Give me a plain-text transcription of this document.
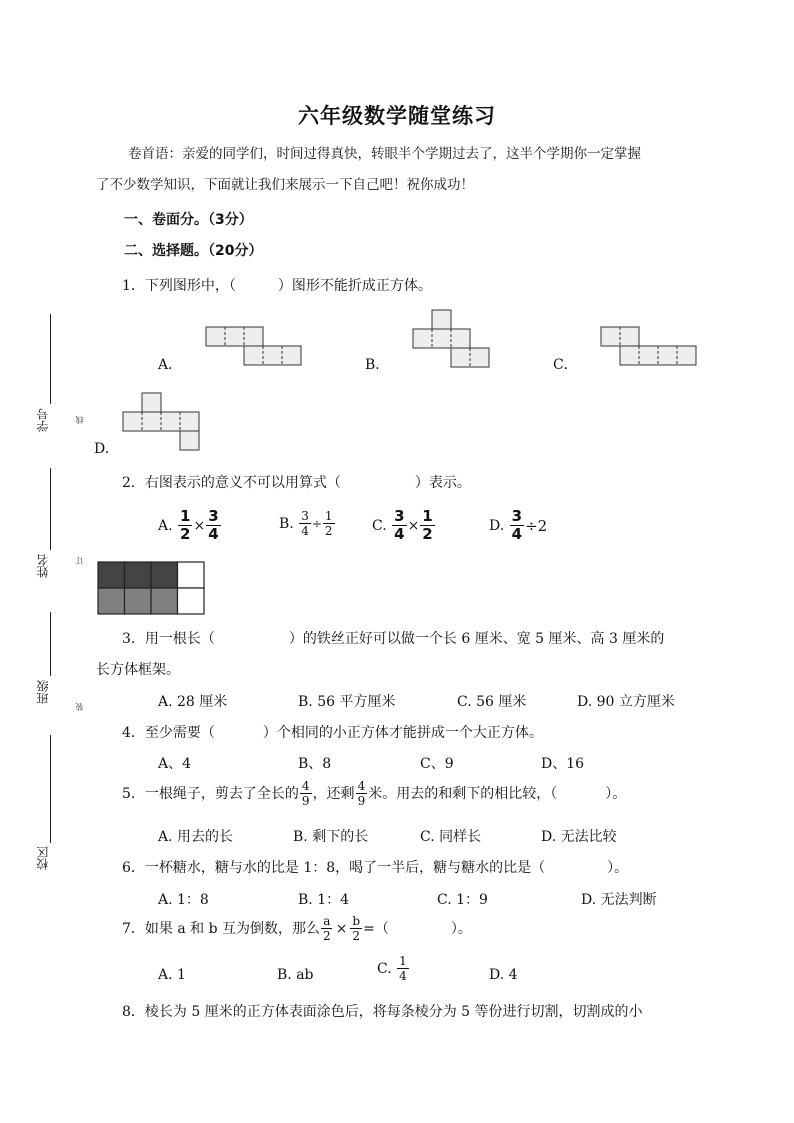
六年级数学随堂练习
卷首语：亲爱的同学们，时间过得真快，转眼半个学期过去了，这半个学期你一定掌握
了不少数学知识，下面就让我们来展示一下自己吧！祝你成功！
一、卷面分。（3分）
二、选择题。（20分）
学号
姓名
班级
校区
线
订
装
1．下列图形中，（	）图形不能折成正方体。
A．	B．	C．
D.
2．右图表示的意义不可以用算式（	）表示。
A.
$\frac{1}{2} \times \frac{3}{4}$	B.
$\frac{3}{4} \div \frac{1}{2}$	C.
$\frac{3}{4} \times \frac{1}{2}$	D.
$\frac{3}{4} \div 2$
3．用一根长（	）的铁丝正好可以做一个长 6 厘米、宽 5 厘米、高 3 厘米的
长方体框架。
A. 28 厘米	B. 56 平方厘米	C. 56 厘米	D. 90 立方厘米
4．至少需要（	）个相同的小正方体才能拼成一个大正方体。
A、4	B、8	C、9	D、16
5．一根绳子，剪去了全长的 $\frac{4}{9}$ ，还剩 $\frac{4}{9}$ 米。用去的和剩下的相比较，（	）。
A. 用去的长	B. 剩下的长	C. 同样长	D. 无法比较
6．一杯糖水，糖与水的比是 1：8，喝了一半后，糖与糖水的比是（	）。
A. 1：8	B. 1：4	C. 1：9	D. 无法判断
7．如果 a 和 b 互为倒数，那么 $\frac{a}{2} \times \frac{b}{2}$ =（	）。
A. 1	B. ab	C.
$\frac{1}{4}$	D. 4
8．棱长为 5 厘米的正方体表面涂色后，将每条棱分为 5 等份进行切割，切割成的小
